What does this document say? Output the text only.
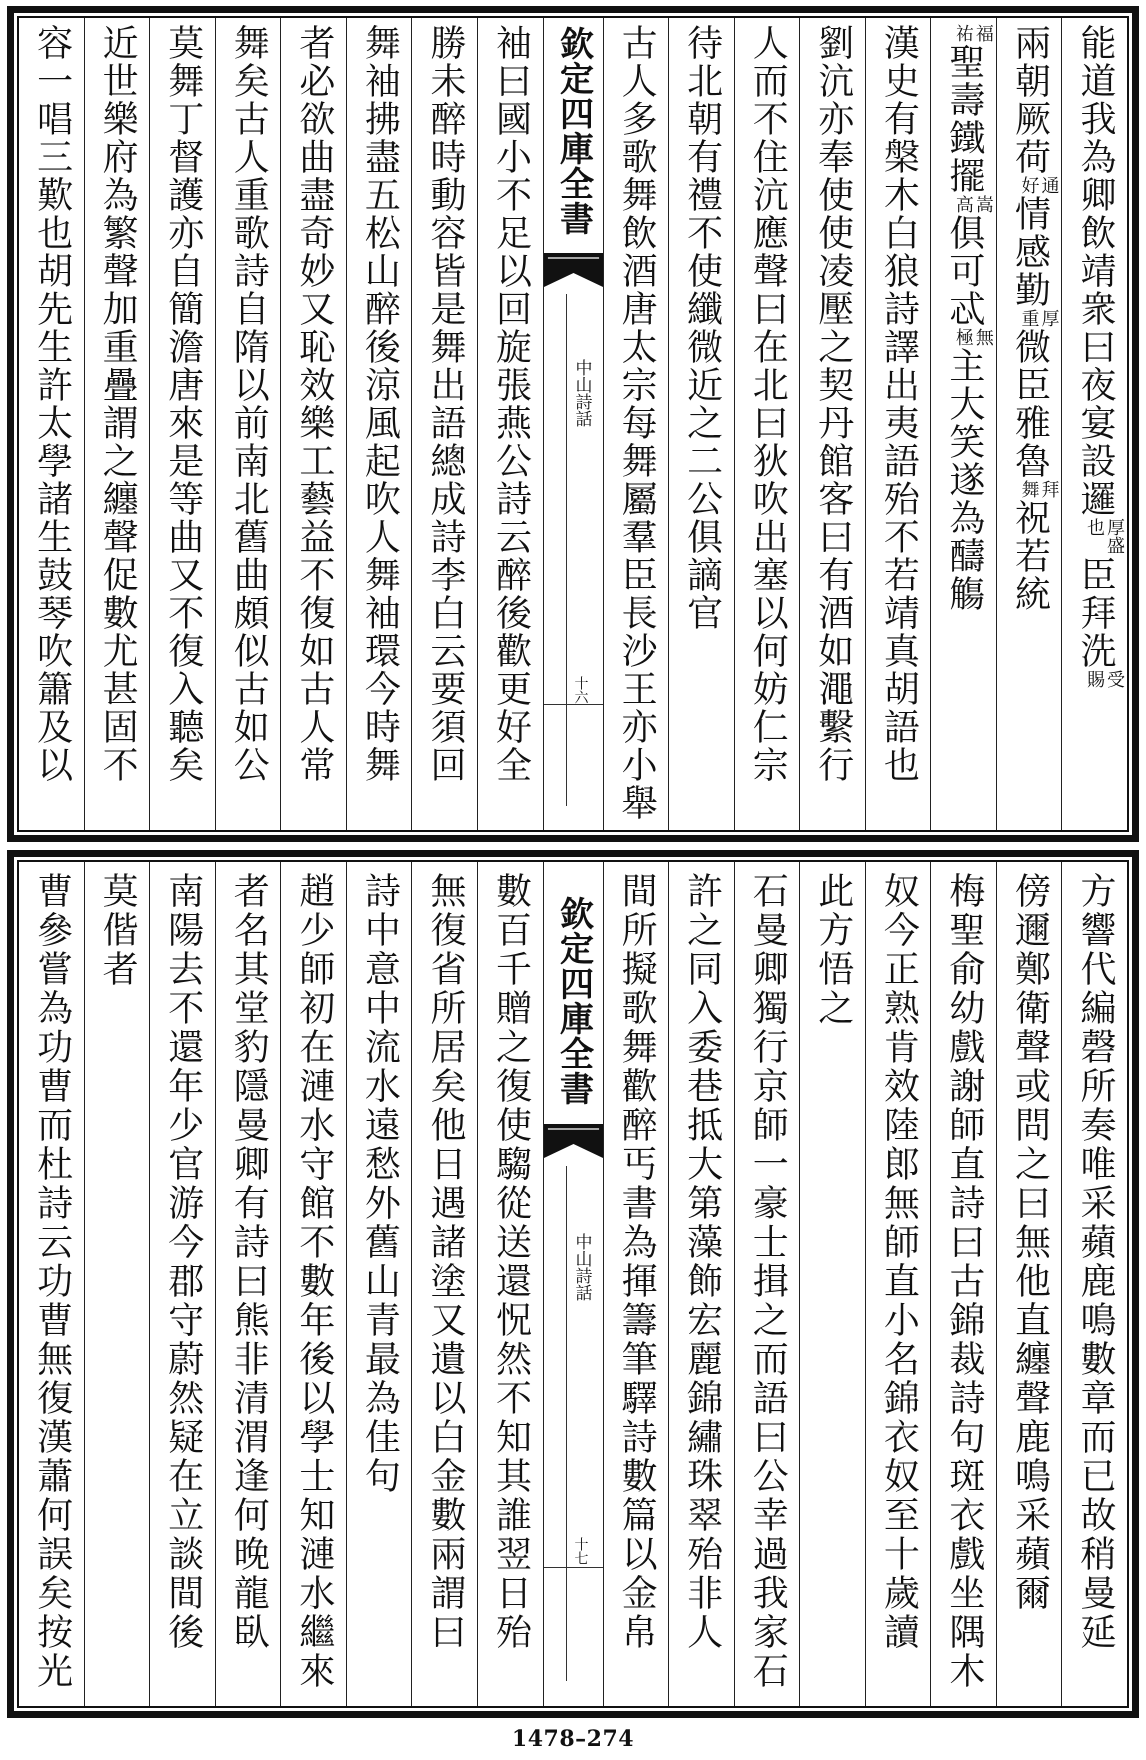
能道我為卿飲靖衆曰夜宴設邏厚盛也臣拜洗受賜
兩朝厥荷通好情感勤厚重微臣雅魯拜舞祝若統
福祐聖壽鐵擺嵩高俱可忒無極主大笑遂為醻觴
漢史有槃木白狼詩譯出夷語殆不若靖真胡語也
劉沆亦奉使使凌壓之契丹館客曰有酒如澠繫行
人而不住沆應聲曰在北曰狄吹出塞以何妨仁宗
待北朝有禮不使纖微近之二公俱謫官
古人多歌舞飲酒唐太宗每舞屬羣臣長沙王亦小舉
欽定四庫全書
中山詩話
十六
袖曰國小不足以回旋張燕公詩云醉後歡更好全
勝未醉時動容皆是舞出語總成詩李白云要須回
舞袖拂盡五松山醉後涼風起吹人舞袖環今時舞
者必欲曲盡奇妙又恥效樂工藝益不復如古人常
舞矣古人重歌詩自隋以前南北舊曲頗似古如公
莫舞丁督護亦自簡澹唐來是等曲又不復入聽矣
近世樂府為繁聲加重疊謂之纏聲促數尤甚固不
容一唱三歎也胡先生許太學諸生鼓琴吹簫及以
方響代編磬所奏唯采蘋鹿鳴數章而已故稍曼延
傍邇鄭衛聲或問之曰無他直纏聲鹿鳴采蘋爾
梅聖俞幼戲謝師直詩曰古錦裁詩句斑衣戲坐隅木
奴今正熟肯效陸郎無師直小名錦衣奴至十歲讀
此方悟之
石曼卿獨行京師一豪士揖之而語曰公幸過我家石
許之同入委巷抵大第藻飾宏麗錦繡珠翠殆非人
間所擬歌舞歡醉丐書為揮籌筆驛詩數篇以金帛
欽定四庫全書
中山詩話
十七
數百千贈之復使騶從送還怳然不知其誰翌日殆
無復省所居矣他日遇諸塗又遺以白金數兩謂曰
詩中意中流水遠愁外舊山青最為佳句
趙少師初在漣水守館不數年後以學士知漣水繼來
者名其堂豹隱曼卿有詩曰熊非清渭逢何晚龍臥
南陽去不還年少官游今郡守蔚然疑在立談間後
莫偕者
曹參嘗為功曹而杜詩云功曹無復漢蕭何誤矣按光
1478–274
